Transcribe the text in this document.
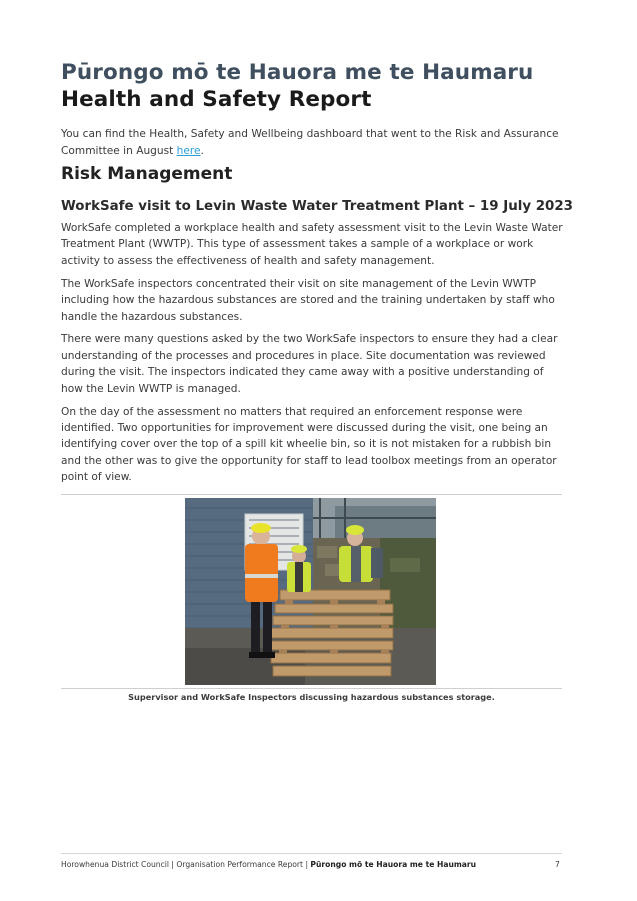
Pūrongo mō te Hauora me te Haumaru
Health and Safety Report

You can find the Health, Safety and Wellbeing dashboard that went to the Risk and Assurance Committee in August here.

Risk Management
WorkSafe visit to Levin Waste Water Treatment Plant – 19 July 2023

WorkSafe completed a workplace health and safety assessment visit to the Levin Waste Water Treatment Plant (WWTP). This type of assessment takes a sample of a workplace or work activity to assess the effectiveness of health and safety management.

The WorkSafe inspectors concentrated their visit on site management of the Levin WWTP including how the hazardous substances are stored and the training undertaken by staff who handle the hazardous substances.

There were many questions asked by the two WorkSafe inspectors to ensure they had a clear understanding of the processes and procedures in place. Site documentation was reviewed during the visit. The inspectors indicated they came away with a positive understanding of how the Levin WWTP is managed.

On the day of the assessment no matters that required an enforcement response were identified. Two opportunities for improvement were discussed during the visit, one being an identifying cover over the top of a spill kit wheelie bin, so it is not mistaken for a rubbish bin and the other was to give the opportunity for staff to lead toolbox meetings from an operator point of view.

Supervisor and WorkSafe Inspectors discussing hazardous substances storage.
Horowhenua District Council | Organisation Performance Report | Pūrongo mō te Hauora me te Haumaru	7
